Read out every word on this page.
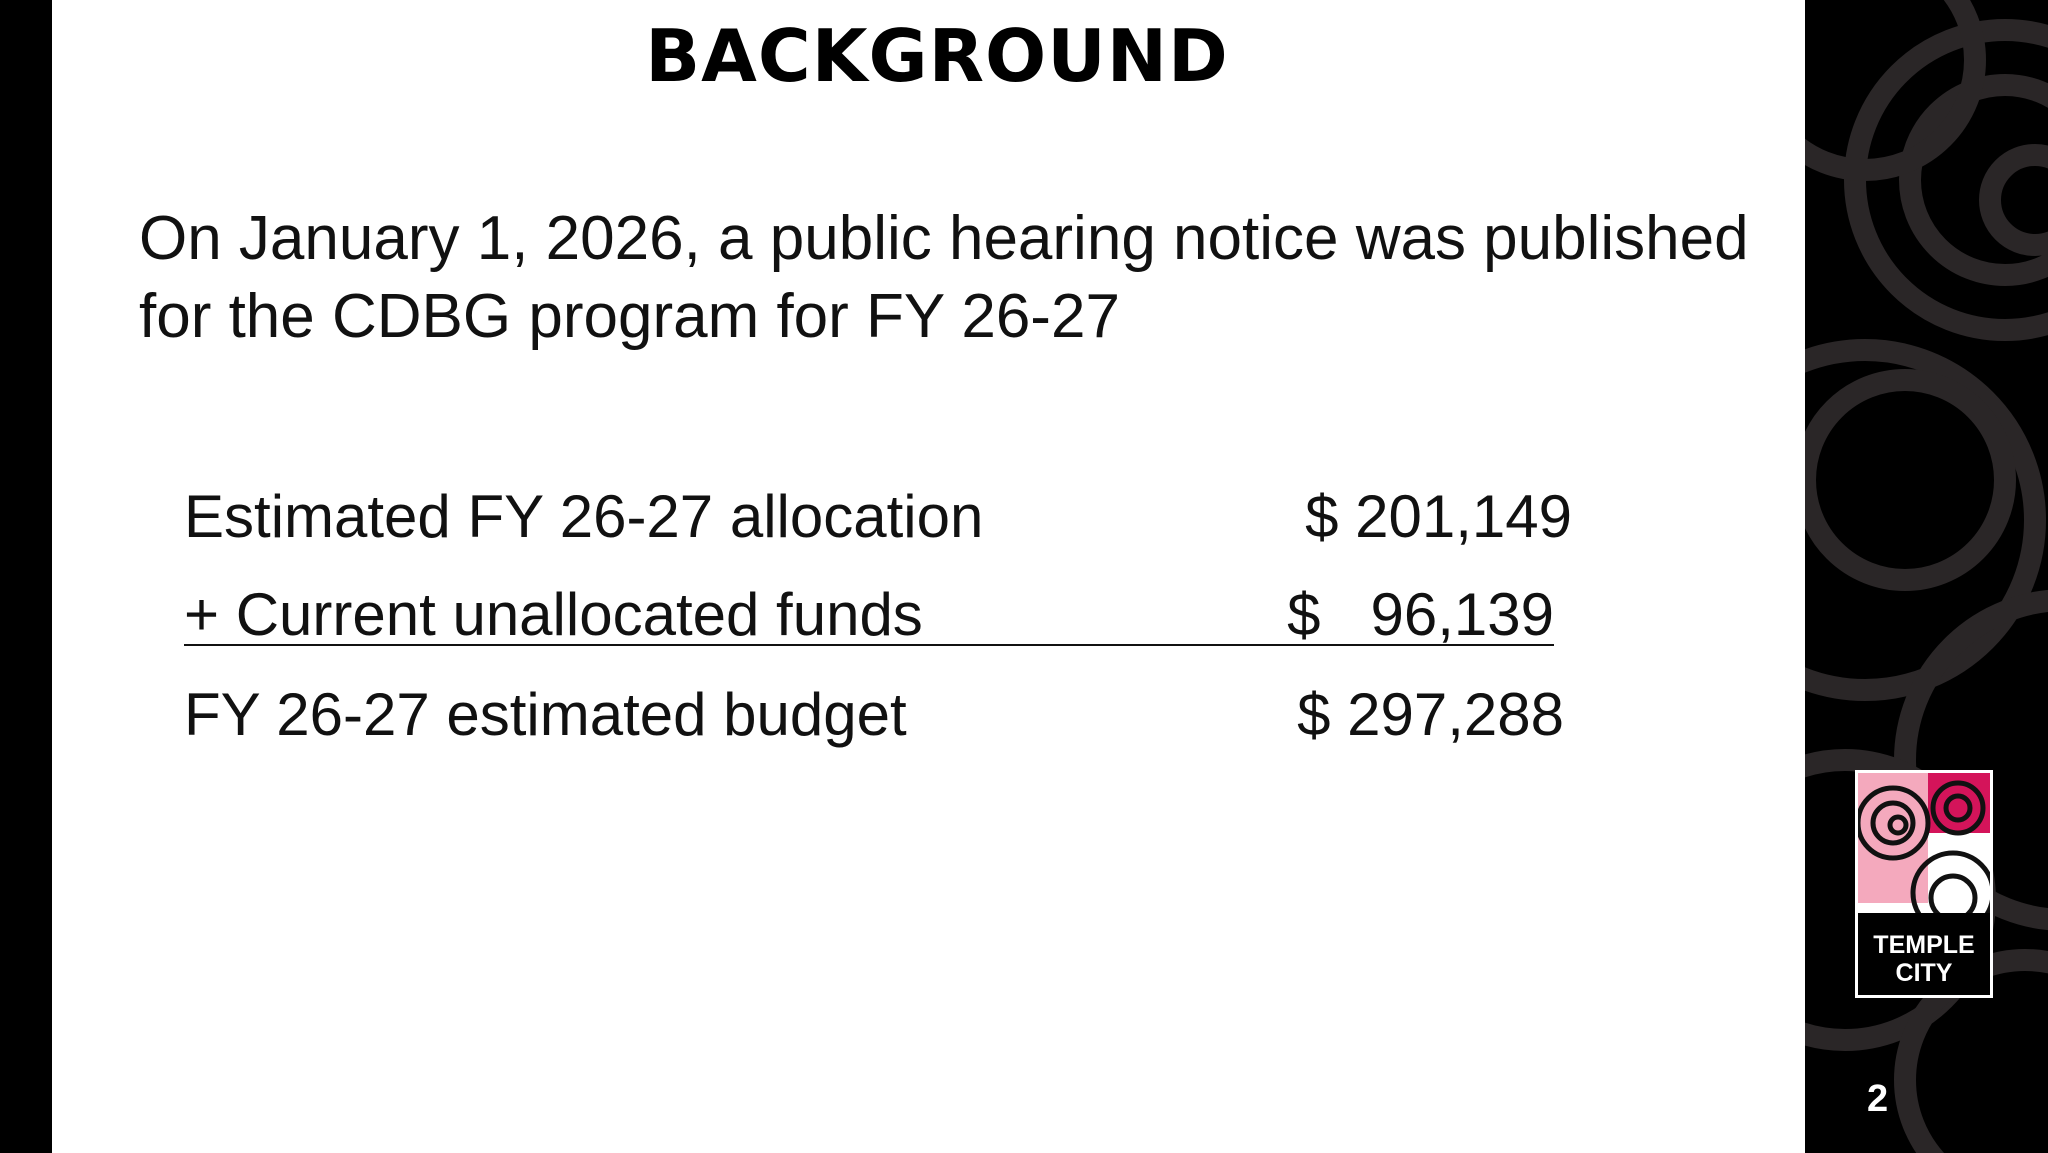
BACKGROUND
On January 1, 2026, a public hearing notice was published for the CDBG program for FY 26-27
Estimated FY 26-27 allocation	$ 201,149
+ Current unallocated funds	$   96,139
FY 26-27 estimated budget	$ 297,288
TEMPLE
CITY
2
